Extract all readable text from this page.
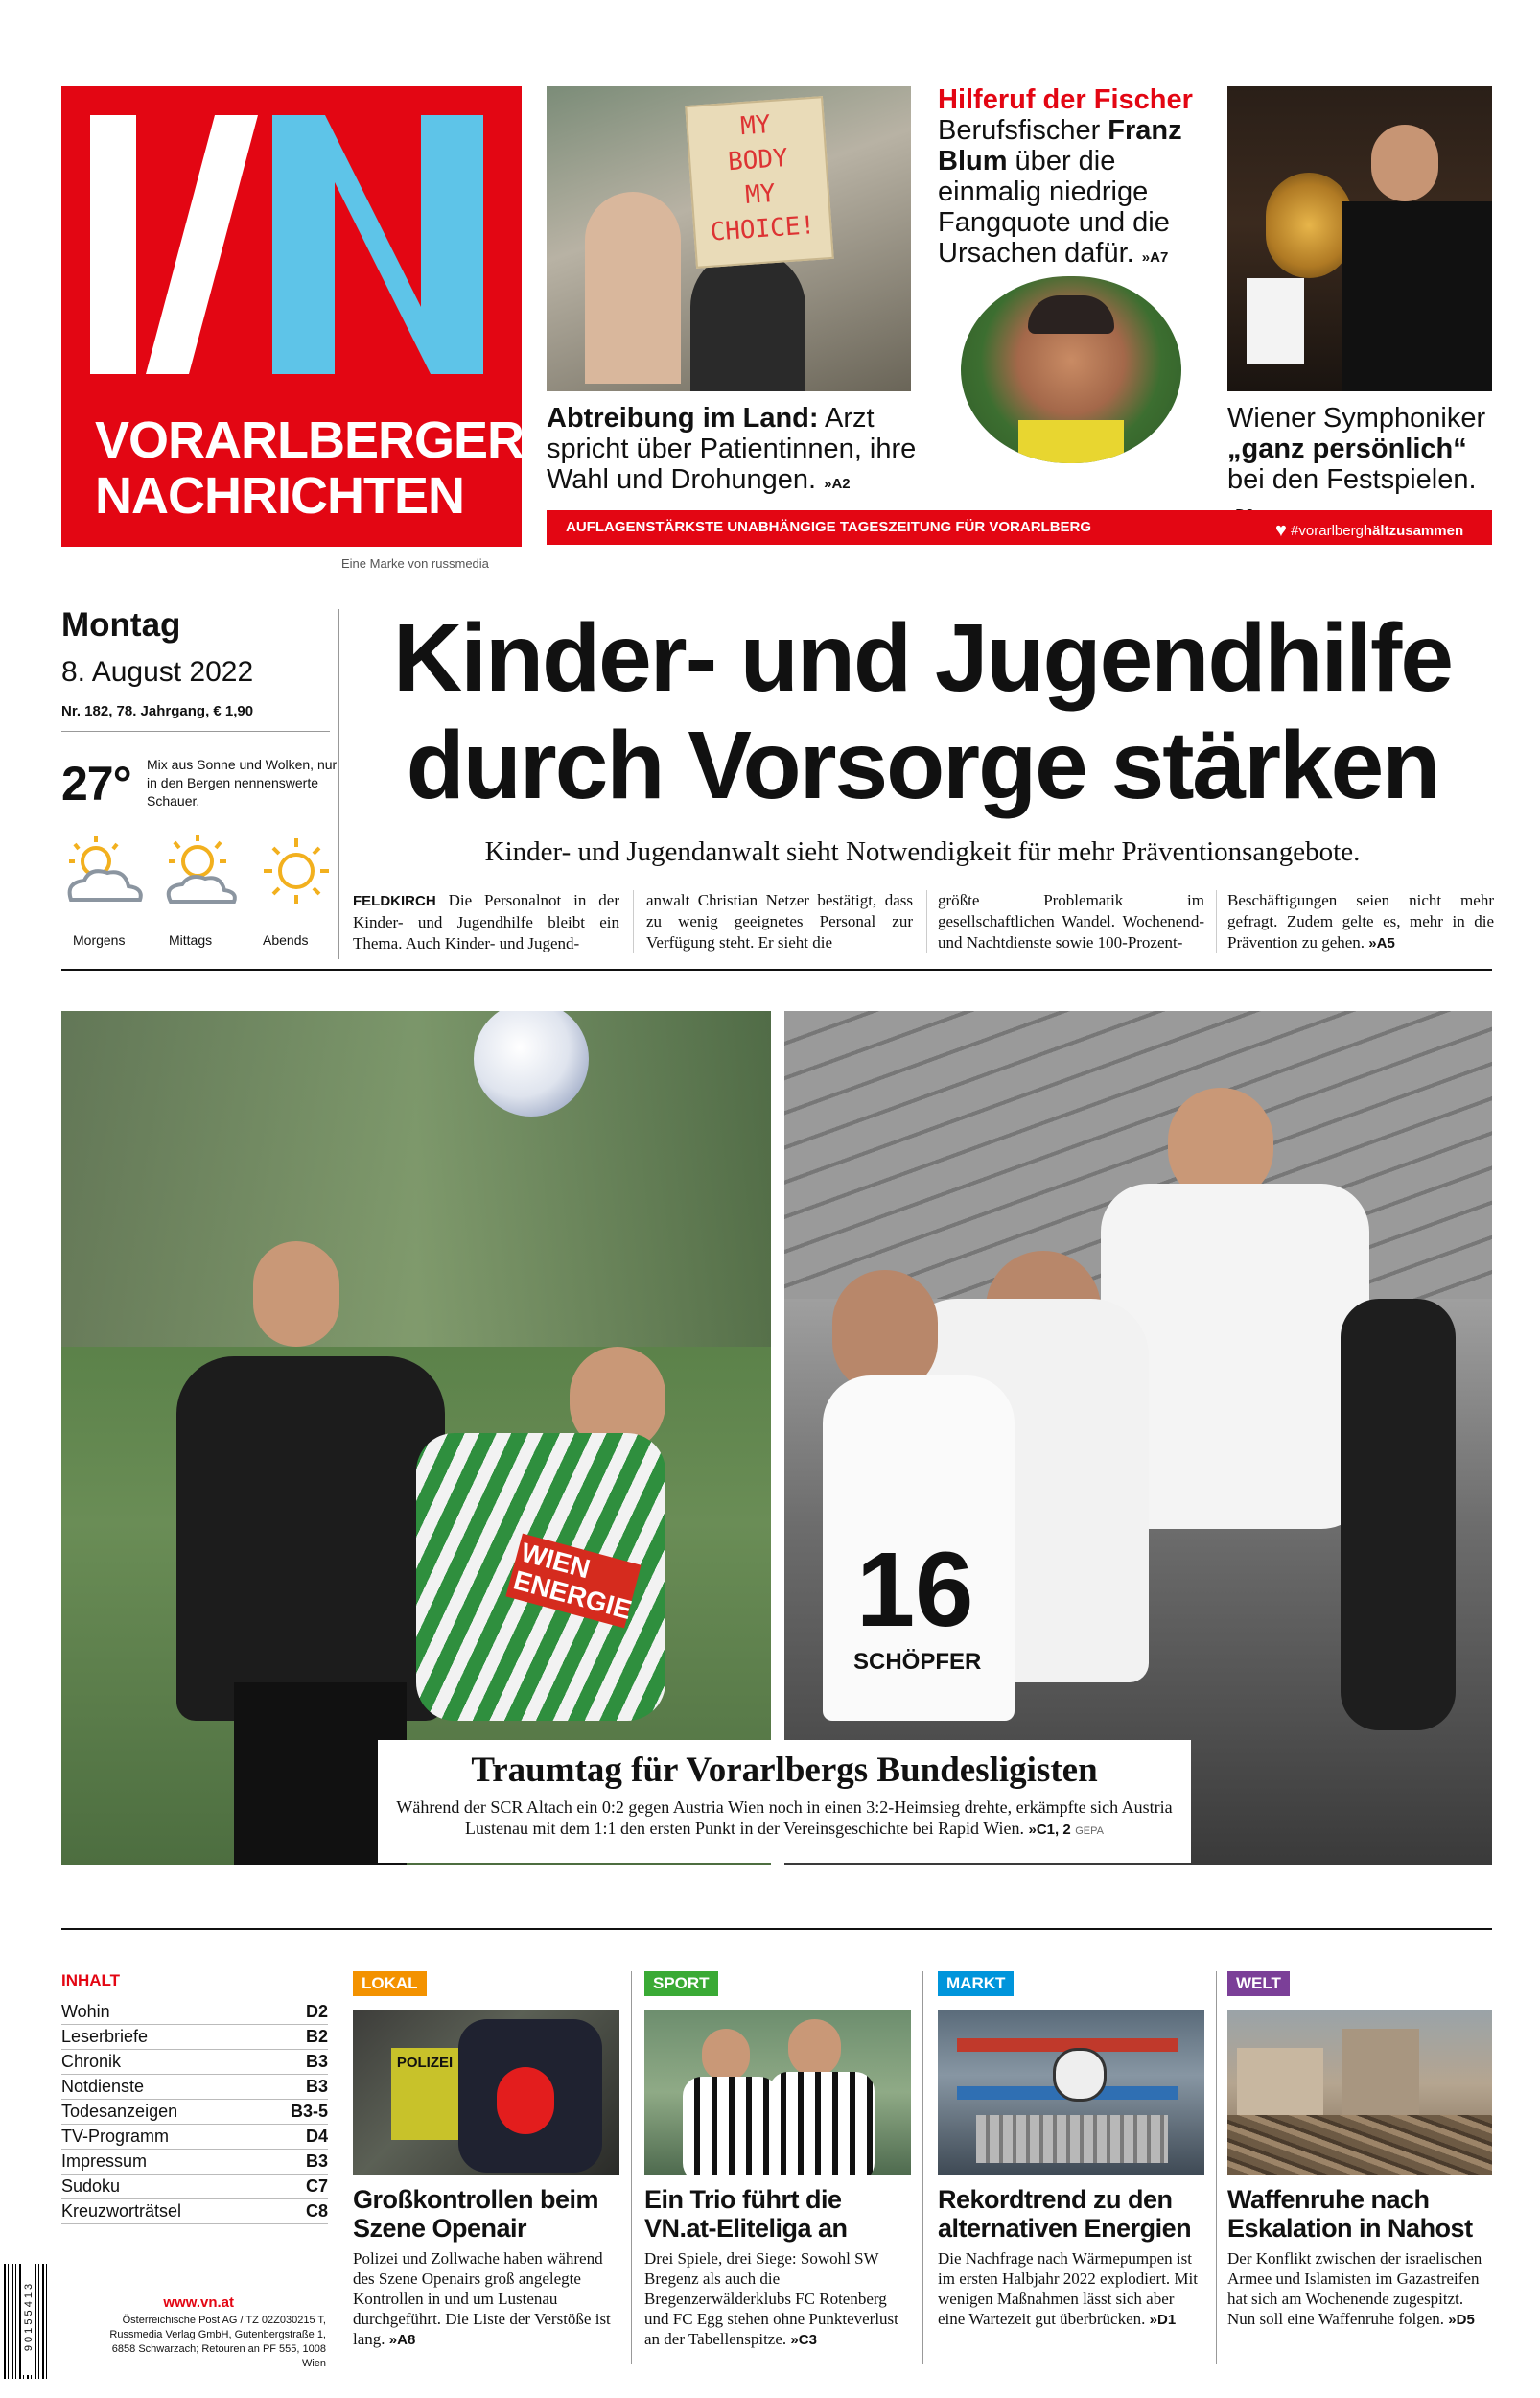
VORARLBERGER
NACHRICHTEN
Eine Marke von russmedia
MY
BODY
MY
CHOICE!
Abtreibung im Land: Arzt spricht über Patientinnen, ihre Wahl und Drohungen. »A2
Hilferuf der Fischer
Berufsfischer Franz Blum über die einmalig niedrige Fangquote und die Ursachen dafür. »A7
Wiener Symphoniker „ganz persönlich“ bei den Festspielen.
AUFLAGENSTÄRKSTE UNABHÄNGIGE TAGESZEITUNG FÜR VORARLBERG	♥ #vorarlberghältzusammen
Montag
8. August 2022
Nr. 182, 78. Jahrgang, € 1,90
27° Mix aus Sonne und Wolken, nur in den Bergen nennenswerte Schauer.
Morgens	Mittags	Abends
Kinder- und Jugendhilfe
durch Vorsorge stärken
Kinder- und Jugendanwalt sieht Notwendigkeit für mehr Präventionsangebote.
FELDKIRCH Die Personalnot in der Kinder- und Jugendhilfe bleibt ein Thema. Auch Kinder- und Jugend-
anwalt Christian Netzer bestätigt, dass zu wenig geeignetes Personal zur Verfügung steht. Er sieht die
größte Problematik im gesellschaftlichen Wandel. Wochenend- und Nachtdienste sowie 100-Prozent-
Beschäftigungen seien nicht mehr gefragt. Zudem gelte es, mehr in die Prävention zu gehen. »A5
WIEN ENERGIE 16
SCHÖPFER
Traumtag für Vorarlbergs Bundesligisten
Während der SCR Altach ein 0:2 gegen Austria Wien noch in einen 3:2-Heimsieg drehte, erkämpfte sich Austria Lustenau mit dem 1:1 den ersten Punkt in der Vereinsgeschichte bei Rapid Wien. »C1, 2 GEPA
INHALT
Wohin	D2
Leserbriefe	B2
Chronik	B3
Notdienste	B3
Todesanzeigen	B3-5
TV-Programm	D4
Impressum	B3
Sudoku	C7
Kreuzworträtsel	C8
www.vn.at
Österreichische Post AG / TZ 02Z030215 T, Russmedia Verlag GmbH, Gutenbergstraße 1, 6858 Schwarzach; Retouren an PF 555, 1008 Wien
9 0 1 5 5 4 1 3
LOKAL
POLIZEI
Großkontrollen beim Szene Openair
Polizei und Zollwache haben während des Szene Openairs groß angelegte Kontrollen in und um Lustenau durchgeführt. Die Liste der Verstöße ist lang. »A8
SPORT
Ein Trio führt die VN.at-Eliteliga an
Drei Spiele, drei Siege: Sowohl SW Bregenz als auch die Bregenzerwälderklubs FC Rotenberg und FC Egg stehen ohne Punkteverlust an der Tabellenspitze. »C3
MARKT
Rekordtrend zu den alternativen Energien
Die Nachfrage nach Wärmepumpen ist im ersten Halbjahr 2022 explodiert. Mit wenigen Maßnahmen lässt sich aber eine Wartezeit gut überbrücken. »D1
WELT
Waffenruhe nach Eskalation in Nahost
Der Konflikt zwischen der israelischen Armee und Islamisten im Gazastreifen hat sich am Wochenende zugespitzt. Nun soll eine Waffenruhe folgen. »D5
